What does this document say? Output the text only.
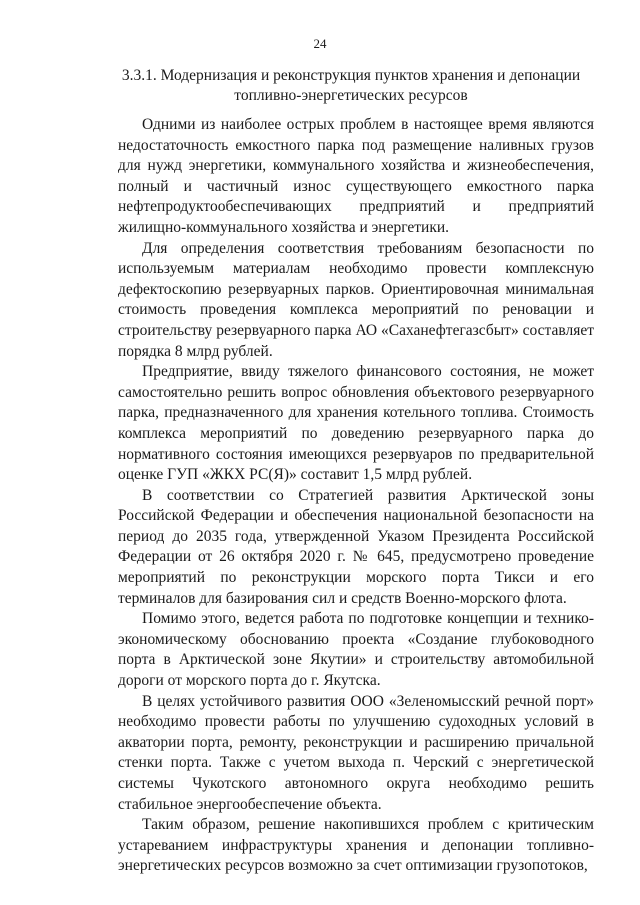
24
3.3.1. Модернизация и реконструкция пунктов хранения и депонации
топливно-энергетических ресурсов

Одними из наиболее острых проблем в настоящее время являются недостаточность емкостного парка под размещение наливных грузов для нужд энергетики, коммунального хозяйства и жизнеобеспечения, полный и частичный износ существующего емкостного парка нефтепродуктообеспечивающих предприятий и предприятий жилищно-коммунального хозяйства и энергетики.

Для определения соответствия требованиям безопасности по используемым материалам необходимо провести комплексную дефектоскопию резервуарных парков. Ориентировочная минимальная стоимость проведения комплекса мероприятий по реновации и строительству резервуарного парка АО «Саханефтегазсбыт» составляет порядка 8 млрд рублей.

Предприятие, ввиду тяжелого финансового состояния, не может самостоятельно решить вопрос обновления объектового резервуарного парка, предназначенного для хранения котельного топлива. Стоимость комплекса мероприятий по доведению резервуарного парка до нормативного состояния имеющихся резервуаров по предварительной оценке ГУП «ЖКХ РС(Я)» составит 1,5 млрд рублей.

В соответствии со Стратегией развития Арктической зоны Российской Федерации и обеспечения национальной безопасности на период до 2035 года, утвержденной Указом Президента Российской Федерации от 26 октября 2020 г. № 645, предусмотрено проведение мероприятий по реконструкции морского порта Тикси и его терминалов для базирования сил и средств Военно-морского флота.

Помимо этого, ведется работа по подготовке концепции и технико-экономическому обоснованию проекта «Создание глубоководного порта в Арктической зоне Якутии» и строительству автомобильной дороги от морского порта до г. Якутска.

В целях устойчивого развития ООО «Зеленомысский речной порт» необходимо провести работы по улучшению судоходных условий в акватории порта, ремонту, реконструкции и расширению причальной стенки порта. Также с учетом выхода п. Черский с энергетической системы Чукотского автономного округа необходимо решить стабильное энергообеспечение объекта.

Таким образом, решение накопившихся проблем с критическим устареванием инфраструктуры хранения и депонации топливно-энергетических ресурсов возможно за счет оптимизации грузопотоков,
